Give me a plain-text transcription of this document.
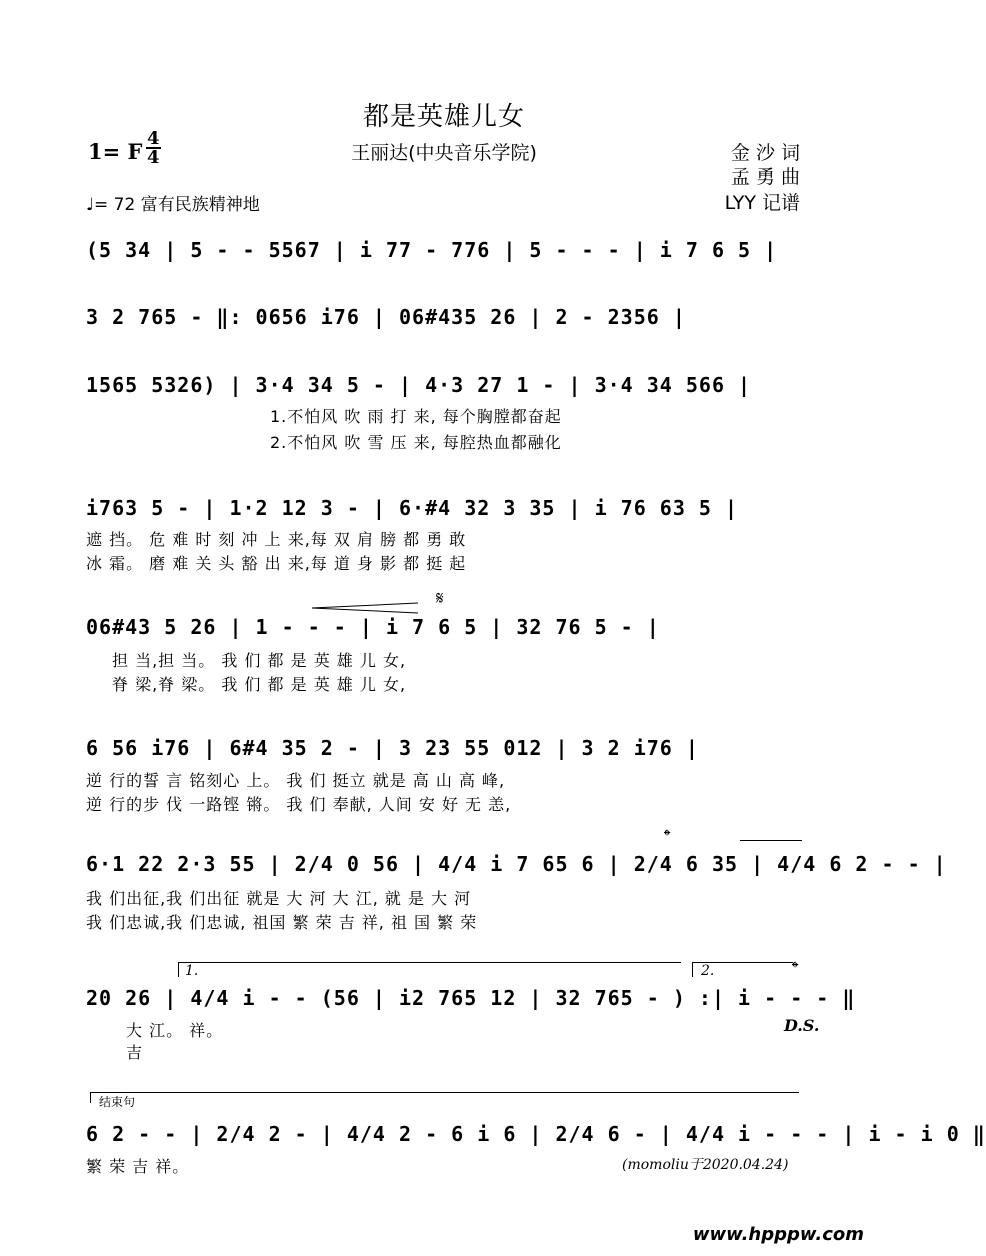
都是英雄儿女
1= F
4
4	王丽达(中央音乐学院)	金 沙 词
孟 勇 曲
LYY 记谱
♩= 72 富有民族精神地
(5 34 | 5 - - 5567 | i 77 - 776 | 5 - - - | i 7 6 5 |
3 2 765 - ‖: 0656 i76 | 06#435 26 | 2 - 2356 |
1565 5326) | 3·4 34 5 - | 4·3 27 1 - | 3·4 34 566 |
1.不怕风 吹 雨 打 来, 每个胸膛都奋起
2.不怕风 吹 雪 压 来, 每腔热血都融化
i763 5 - | 1·2 12 3 - | 6·#4 32 3 35 | i 76 63 5 |
遮 挡。 危 难 时 刻 冲 上 来,每 双 肩 膀 都 勇 敢
冰 霜。 磨 难 关 头 豁 出 来,每 道 身 影 都 挺 起
𝄋
06#43 5 26 | 1 - - - | i 7 6 5 | 32 76 5 - |
担 当,担 当。 我 们 都 是 英 雄 儿 女,
脊 梁,脊 梁。 我 们 都 是 英 雄 儿 女,
6 56 i76 | 6#4 35 2 - | 3 23 55 012 | 3 2 i76 |
逆 行的誓 言 铭刻心 上。 我 们 挺立 就是 高 山 高 峰,
逆 行的步 伐 一路铿 锵。 我 们 奉献, 人间 安 好 无 恙,
𝄌
6·1 22 2·3 55 | 2/4 0 56 | 4/4 i 7 65 6 | 2/4 6 35 | 4/4 6 2 - - |
我 们出征,我 们出征 就是 大 河 大 江, 就 是 大 河
我 们忠诚,我 们忠诚, 祖国 繁 荣 吉 祥, 祖 国 繁 荣
1.	2.	𝄌
20 26 | 4/4 i - - (56 | i2 765 12 | 32 765 - ) :| i - - - ‖
大 江。 祥。
吉
D.S.
结束句
6 2 - - | 2/4 2 - | 4/4 2 - 6 i 6 | 2/4 6 - | 4/4 i - - - | i - i 0 ‖
繁 荣 吉 祥。	(momoliu于2020.04.24)
www.hpppw.com
